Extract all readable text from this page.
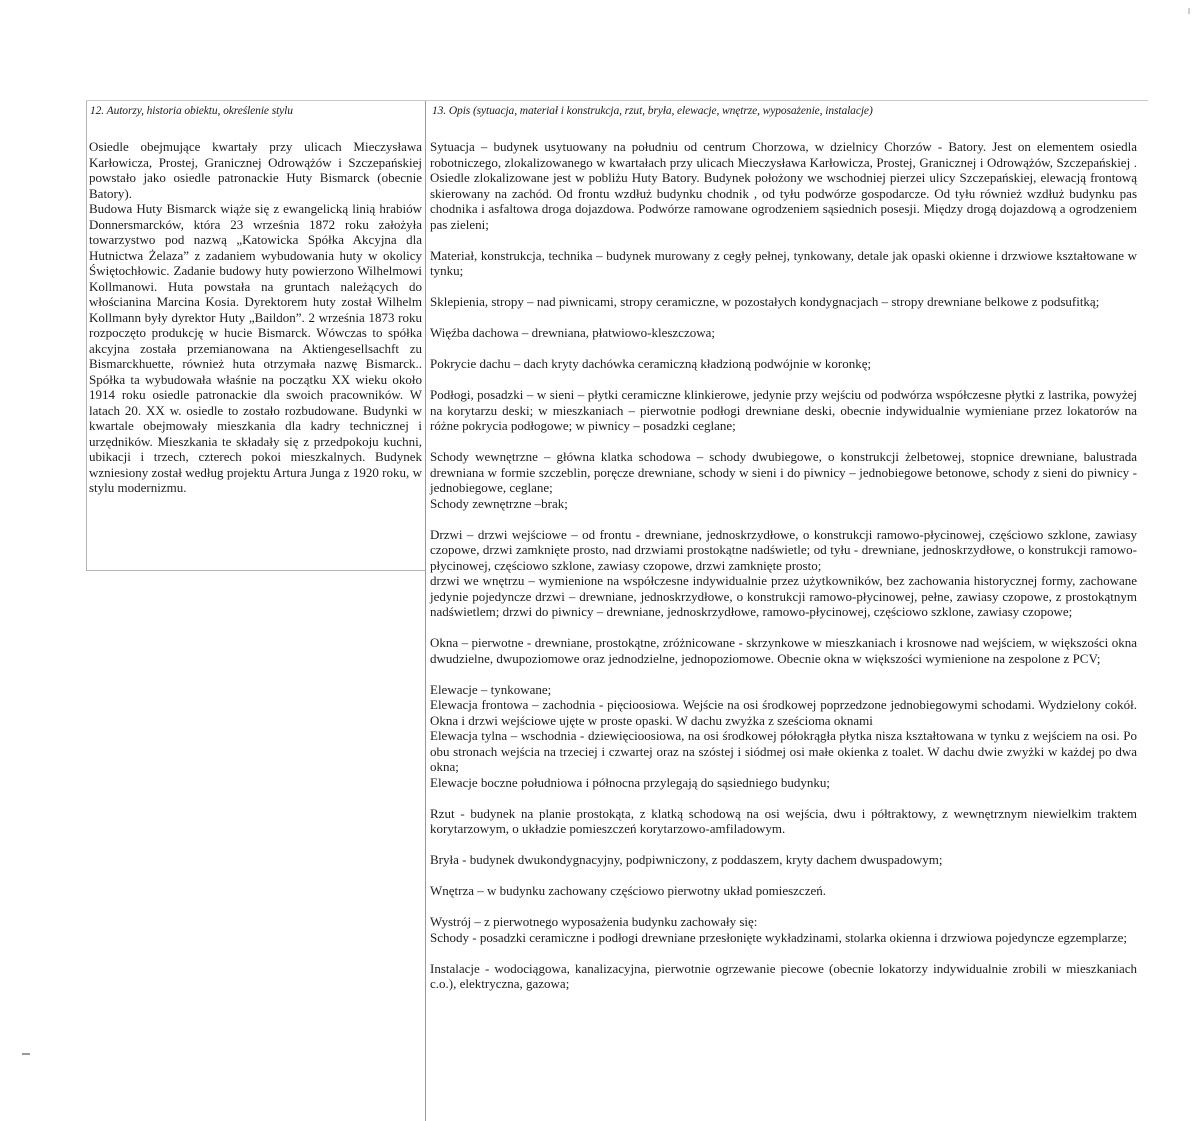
12. Autorzy, historia obiektu, określenie stylu	13. Opis (sytuacja, materiał i konstrukcja, rzut, bryła, elewacje, wnętrze, wyposażenie, instalacje)

Osiedle obejmujące kwartały przy ulicach Mieczysława Karłowicza, Prostej, Granicznej Odrowążów i Szczepańskiej powstało jako osiedle patronackie Huty Bismarck (obecnie Batory).

Budowa Huty Bismarck wiąże się z ewangelicką linią hrabiów Donnersmarcków, która 23 września 1872 roku założyła towarzystwo pod nazwą „Katowicka Spółka Akcyjna dla Hutnictwa Żelaza” z zadaniem wybudowania huty w okolicy Świętochłowic. Zadanie budowy huty powierzono Wilhelmowi Kollmanowi. Huta powstała na gruntach należących do włościanina Marcina Kosia. Dyrektorem huty został Wilhelm Kollmann były dyrektor Huty „Baildon”. 2 września 1873 roku rozpoczęto produkcję w hucie Bismarck. Wówczas to spółka akcyjna została przemianowana na Aktiengesellsachft zu Bismarckhuette, również huta otrzymała nazwę Bismarck.. Spółka ta wybudowała właśnie na początku XX wieku około 1914 roku osiedle patronackie dla swoich pracowników. W latach 20. XX w. osiedle to zostało rozbudowane. Budynki w kwartale obejmowały mieszkania dla kadry technicznej i urzędników. Mieszkania te składały się z przedpokoju kuchni, ubikacji i trzech, czterech pokoi mieszkalnych. Budynek wzniesiony został według projektu Artura Junga z 1920 roku, w stylu modernizmu.

Sytuacja – budynek usytuowany na południu od centrum Chorzowa, w dzielnicy Chorzów - Batory. Jest on elementem osiedla robotniczego, zlokalizowanego w kwartałach przy ulicach Mieczysława Karłowicza, Prostej, Granicznej i Odrowążów, Szczepańskiej . Osiedle zlokalizowane jest w pobliżu Huty Batory. Budynek położony we wschodniej pierzei ulicy Szczepańskiej, elewacją frontową skierowany na zachód. Od frontu wzdłuż budynku chodnik , od tyłu podwórze gospodarcze. Od tyłu również wzdłuż budynku pas chodnika i asfaltowa droga dojazdowa. Podwórze ramowane ogrodzeniem sąsiednich posesji. Między drogą dojazdową a ogrodzeniem pas zieleni;

Materiał, konstrukcja, technika – budynek murowany z cegły pełnej, tynkowany, detale jak opaski okienne i drzwiowe kształtowane w tynku;

Sklepienia, stropy – nad piwnicami, stropy ceramiczne, w pozostałych kondygnacjach – stropy drewniane belkowe z podsufitką;

Więźba dachowa – drewniana, płatwiowo-kleszczowa;

Pokrycie dachu – dach kryty dachówka ceramiczną kładzioną podwójnie w koronkę;

Podłogi, posadzki – w sieni – płytki ceramiczne klinkierowe, jedynie przy wejściu od podwórza współczesne płytki z lastrika, powyżej na korytarzu deski; w mieszkaniach – pierwotnie podłogi drewniane deski, obecnie indywidualnie wymieniane przez lokatorów na różne pokrycia podłogowe; w piwnicy – posadzki ceglane;

Schody wewnętrzne – główna klatka schodowa – schody dwubiegowe, o konstrukcji żelbetowej, stopnice drewniane, balustrada drewniana w formie szczeblin, poręcze drewniane, schody w sieni i do piwnicy – jednobiegowe betonowe, schody z sieni do piwnicy - jednobiegowe, ceglane;

Schody zewnętrzne –brak;

Drzwi – drzwi wejściowe – od frontu - drewniane, jednoskrzydłowe, o konstrukcji ramowo-płycinowej, częściowo szklone, zawiasy czopowe, drzwi zamknięte prosto, nad drzwiami prostokątne nadświetle; od tyłu - drewniane, jednoskrzydłowe, o konstrukcji ramowo-płycinowej, częściowo szklone, zawiasy czopowe, drzwi zamknięte prosto;

drzwi we wnętrzu – wymienione na współczesne indywidualnie przez użytkowników, bez zachowania historycznej formy, zachowane jedynie pojedyncze drzwi – drewniane, jednoskrzydłowe, o konstrukcji ramowo-płycinowej, pełne, zawiasy czopowe, z prostokątnym nadświetlem; drzwi do piwnicy – drewniane, jednoskrzydłowe, ramowo-płycinowej, częściowo szklone, zawiasy czopowe;

Okna – pierwotne - drewniane, prostokątne, zróżnicowane - skrzynkowe w mieszkaniach i krosnowe nad wejściem, w większości okna dwudzielne, dwupoziomowe oraz jednodzielne, jednopoziomowe. Obecnie okna w większości wymienione na zespolone z PCV;

Elewacje – tynkowane;

Elewacja frontowa – zachodnia - pięcioosiowa. Wejście na osi środkowej poprzedzone jednobiegowymi schodami. Wydzielony cokół. Okna i drzwi wejściowe ujęte w proste opaski. W dachu zwyżka z sześcioma oknami

Elewacja tylna – wschodnia - dziewięcioosiowa, na osi środkowej półokrągła płytka nisza kształtowana w tynku z wejściem na osi. Po obu stronach wejścia na trzeciej i czwartej oraz na szóstej i siódmej osi małe okienka z toalet. W dachu dwie zwyżki w każdej po dwa okna;

Elewacje boczne południowa i północna przylegają do sąsiedniego budynku;

Rzut - budynek na planie prostokąta, z klatką schodową na osi wejścia, dwu i półtraktowy, z wewnętrznym niewielkim traktem korytarzowym, o układzie pomieszczeń korytarzowo-amfiladowym.

Bryła - budynek dwukondygnacyjny, podpiwniczony, z poddaszem, kryty dachem dwuspadowym;

Wnętrza – w budynku zachowany częściowo pierwotny układ pomieszczeń.

Wystrój – z pierwotnego wyposażenia budynku zachowały się:

Schody - posadzki ceramiczne i podłogi drewniane przesłonięte wykładzinami, stolarka okienna i drzwiowa pojedyncze egzemplarze;

Instalacje - wodociągowa, kanalizacyjna, pierwotnie ogrzewanie piecowe (obecnie lokatorzy indywidualnie zrobili w mieszkaniach c.o.), elektryczna, gazowa;
